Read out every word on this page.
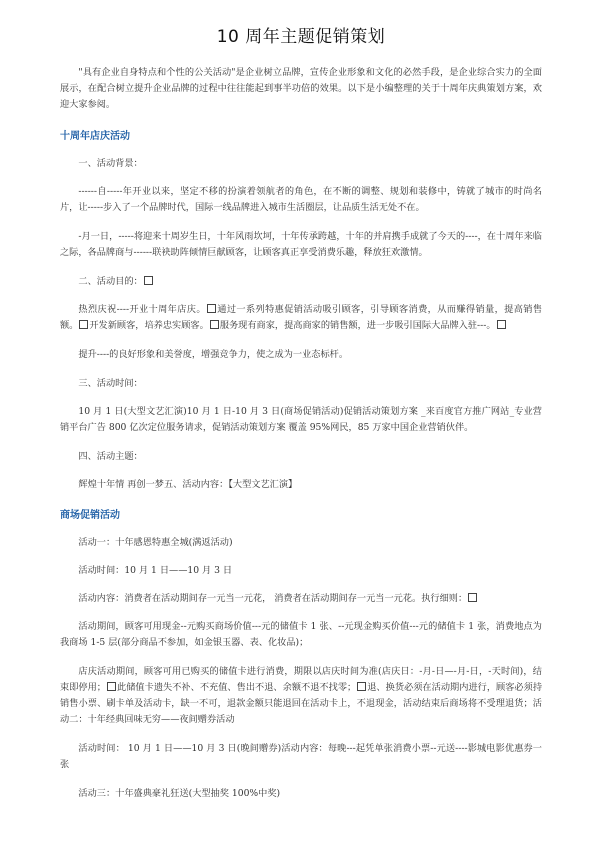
10 周年主题促销策划

"具有企业自身特点和个性的公关活动"是企业树立品牌，宣传企业形象和文化的必然手段，是企业综合实力的全面展示，在配合树立提升企业品牌的过程中往往能起到事半功倍的效果。以下是小编整理的关于十周年庆典策划方案，欢迎大家参阅。

十周年店庆活动

一、活动背景：

------自-----年开业以来，坚定不移的扮演着领航者的角色，在不断的调整、规划和装修中，铸就了城市的时尚名片，让-----步入了一个品牌时代，国际一线品牌进入城市生活圈层，让品质生活无处不在。

-月一日，-----将迎来十周岁生日，十年风雨坎坷，十年传承跨越，十年的并肩携手成就了今天的----，在十周年来临之际，各品牌商与------联袂助阵倾情巨献顾客，让顾客真正享受消费乐趣，释放狂欢激情。

二、活动目的：

热烈庆祝----开业十周年店庆。 通过一系列特惠促销活动吸引顾客，引导顾客消费，从而赚得销量，提高销售额。 开发新顾客，培养忠实顾客。 服务现有商家，提高商家的销售额，进一步吸引国际大品牌入驻---。

提升----的良好形象和美誉度，增强竞争力，使之成为一业态标杆。

三、活动时间：

10 月 1 日(大型文艺汇演)10 月 1 日-10 月 3 日(商场促销活动)促销活动策划方案 _来百度官方推广网站_专业营销平台广告 800 亿次定位服务请求，促销活动策划方案 覆盖 95%网民，85 万家中国企业营销伙伴。

四、活动主题：

辉煌十年情 再创一梦五、活动内容：【大型文艺汇演】

商场促销活动

活动一：十年感恩特惠全城(满返活动)

活动时间：10 月 1 日——10 月 3 日

活动内容：消费者在活动期间存一元当一元花， 消费者在活动期间存一元当一元花。执行细则：

活动期间，顾客可用现金--元购买商场价值---元的储值卡 1 张、--元现金购买价值---元的储值卡 1 张，消费地点为我商场 1-5 层(部分商品不参加，如金银玉器、表、化妆品)；

店庆活动期间，顾客可用已购买的储值卡进行消费，期限以店庆时间为准(店庆日：-月-日—-月-日，-天时间)，结束即停用； 此储值卡遗失不补、不充值、售出不退、余额不退不找零； 退、换货必须在活动期内进行，顾客必须持销售小票、刷卡单及活动卡，缺一不可，退款金额只能退回在活动卡上，不退现金，活动结束后商场将不受理退货；活动二：十年经典回味无穷——夜间赠券活动

活动时间： 10 月 1 日——10 月 3 日(晚间赠券)活动内容：每晚---起凭单张消费小票--元送----影城电影优惠券一张

活动三：十年盛典豪礼狂送(大型抽奖 100%中奖)
